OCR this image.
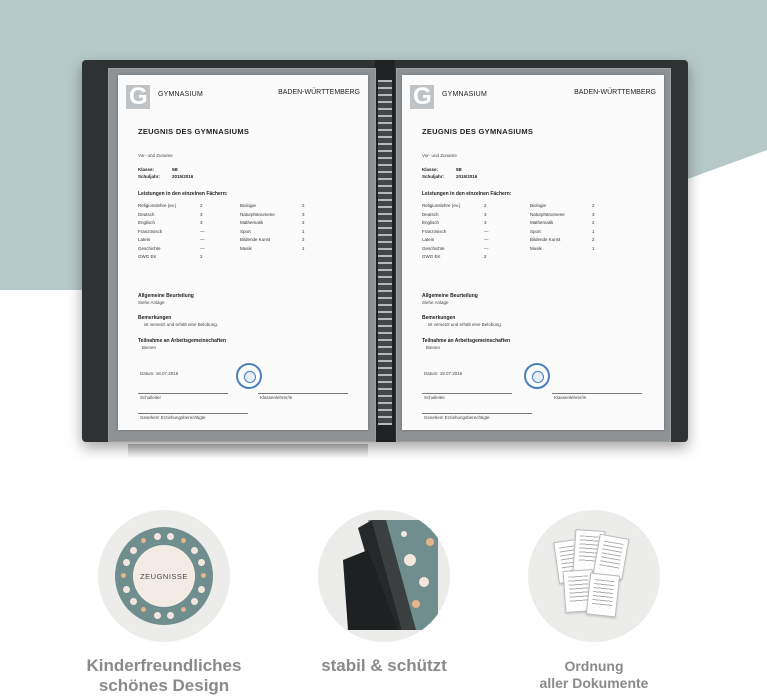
G
GYMNASIUM	BADEN-WÜRTTEMBERG
ZEUGNIS DES GYMNASIUMS
Vor- und Zuname
Klasse:	5B
Schuljahr:	2015/2016
Leistungen in den einzelnen Fächern:
Religionslehre (ev.)	2
Deutsch	3
Englisch	3
Französisch	—
Latein	—
Geschichte	—
GWG EK	2
Biologie	2
Naturphänomene	3
Mathematik	2
Sport	1
Bildende Kunst	2
Musik	1
Allgemeine Beurteilung
Siehe Anlage
Bemerkungen
ist versetzt und erhält eine Belobung.
Teilnahme an Arbeitsgemeinschaften
Bienen
Datum: 18.07.2016
Schulleiter	Klassenlehrer/in
Gesehen! Erziehungsberechtigte
G
GYMNASIUM	BADEN-WÜRTTEMBERG
ZEUGNIS DES GYMNASIUMS
Vor- und Zuname
Klasse:	5B
Schuljahr:	2015/2016
Leistungen in den einzelnen Fächern:
Religionslehre (ev.)	2
Deutsch	3
Englisch	3
Französisch	—
Latein	—
Geschichte	—
GWG EK	2
Biologie	2
Naturphänomene	3
Mathematik	2
Sport	1
Bildende Kunst	2
Musik	1
Allgemeine Beurteilung
Siehe Anlage
Bemerkungen
ist versetzt und erhält eine Belobung.
Teilnahme an Arbeitsgemeinschaften
Bienen
Datum: 18.07.2016
Schulleiter	Klassenlehrer/in
Gesehen! Erziehungsberechtigte
ZEUGNISSE
Kinderfreundliches
schönes Design
stabil & schützt	Ordnung
aller Dokumente
